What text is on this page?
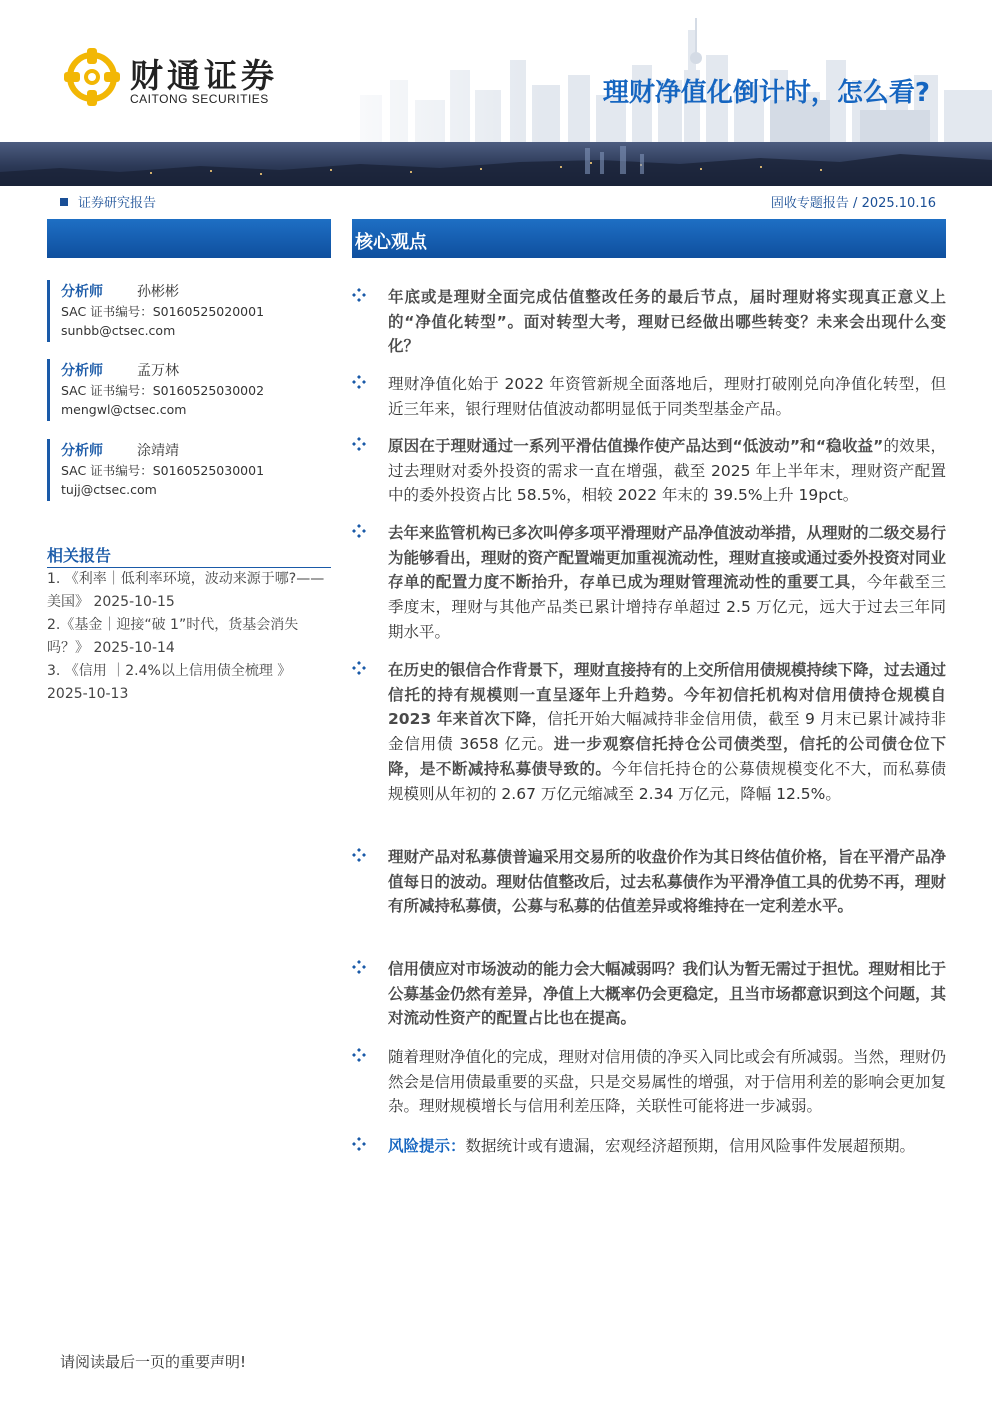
财通证券
CAITONG SECURITIES	理财净值化倒计时，怎么看?
证券研究报告	固收专题报告 / 2025.10.16
分析师	孙彬彬
SAC 证书编号：S0160525020001
sunbb@ctsec.com
分析师	孟万林
SAC 证书编号：S0160525030002
mengwl@ctsec.com
分析师	涂靖靖
SAC 证书编号：S0160525030001
tujj@ctsec.com
相关报告
1. 《利率｜低利率环境，波动来源于哪?——美国》 2025-10-15
2.《基金｜迎接“破 1”时代，货基会消失吗？》 2025-10-14
3. 《信用 ｜2.4%以上信用债全梳理 》2025-10-13
核心观点
年底或是理财全面完成估值整改任务的最后节点，届时理财将实现真正意义上的“净值化转型”。面对转型大考，理财已经做出哪些转变？未来会出现什么变化？
理财净值化始于 2022 年资管新规全面落地后，理财打破刚兑向净值化转型，但近三年来，银行理财估值波动都明显低于同类型基金产品。
原因在于理财通过一系列平滑估值操作使产品达到“低波动”和“稳收益”的效果，过去理财对委外投资的需求一直在增强，截至 2025 年上半年末，理财资产配置中的委外投资占比 58.5%，相较 2022 年末的 39.5%上升 19pct。
去年来监管机构已多次叫停多项平滑理财产品净值波动举措，从理财的二级交易行为能够看出，理财的资产配置端更加重视流动性，理财直接或通过委外投资对同业存单的配置力度不断抬升，存单已成为理财管理流动性的重要工具，今年截至三季度末，理财与其他产品类已累计增持存单超过 2.5 万亿元，远大于过去三年同期水平。
在历史的银信合作背景下，理财直接持有的上交所信用债规模持续下降，过去通过信托的持有规模则一直呈逐年上升趋势。今年初信托机构对信用债持仓规模自 2023 年来首次下降，信托开始大幅减持非金信用债，截至 9 月末已累计减持非金信用债 3658 亿元。进一步观察信托持仓公司债类型，信托的公司债仓位下降，是不断减持私募债导致的。今年信托持仓的公募债规模变化不大，而私募债规模则从年初的 2.67 万亿元缩减至 2.34 万亿元，降幅 12.5%。
理财产品对私募债普遍采用交易所的收盘价作为其日终估值价格，旨在平滑产品净值每日的波动。理财估值整改后，过去私募债作为平滑净值工具的优势不再，理财有所减持私募债，公募与私募的估值差异或将维持在一定利差水平。
信用债应对市场波动的能力会大幅减弱吗？我们认为暂无需过于担忧。理财相比于公募基金仍然有差异，净值上大概率仍会更稳定，且当市场都意识到这个问题，其对流动性资产的配置占比也在提高。
随着理财净值化的完成，理财对信用债的净买入同比或会有所减弱。当然，理财仍然会是信用债最重要的买盘，只是交易属性的增强，对于信用利差的影响会更加复杂。理财规模增长与信用利差压降，关联性可能将进一步减弱。
风险提示：数据统计或有遗漏，宏观经济超预期，信用风险事件发展超预期。
请阅读最后一页的重要声明!
